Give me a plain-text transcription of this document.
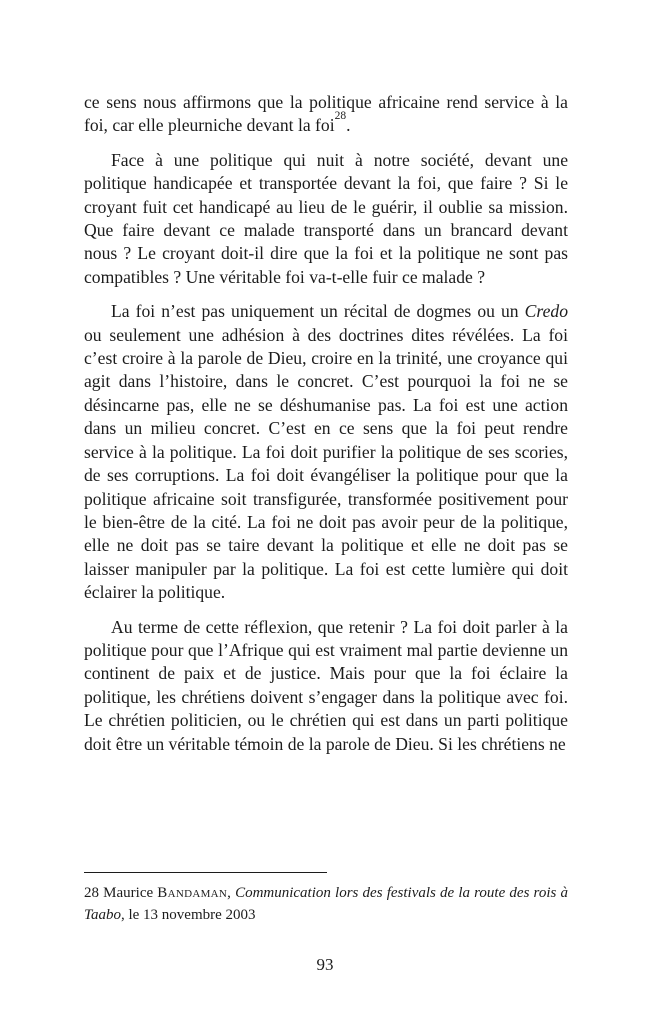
ce sens nous affirmons que la politique africaine rend service à la foi, car elle pleurniche devant la foi$^{28}$.

Face à une politique qui nuit à notre société, devant une politique handicapée et transportée devant la foi, que faire ? Si le croyant fuit cet handicapé au lieu de le guérir, il oublie sa mission. Que faire devant ce malade transporté dans un brancard devant nous ? Le croyant doit-il dire que la foi et la politique ne sont pas compatibles ? Une véritable foi va-t-elle fuir ce malade ?

La foi n’est pas uniquement un récital de dogmes ou un Credo ou seulement une adhésion à des doctrines dites révélées. La foi c’est croire à la parole de Dieu, croire en la trinité, une croyance qui agit dans l’histoire, dans le concret. C’est pourquoi la foi ne se désincarne pas, elle ne se déshumanise pas. La foi est une action dans un milieu concret. C’est en ce sens que la foi peut rendre service à la politique. La foi doit purifier la politique de ses scories, de ses corruptions. La foi doit évangéliser la politique pour que la politique africaine soit transfigurée, transformée positivement pour le bien-être de la cité. La foi ne doit pas avoir peur de la politique, elle ne doit pas se taire devant la politique et elle ne doit pas se laisser manipuler par la politique. La foi est cette lumière qui doit éclairer la politique.

Au terme de cette réflexion, que retenir ? La foi doit parler à la politique pour que l’Afrique qui est vraiment mal partie devienne un continent de paix et de justice. Mais pour que la foi éclaire la politique, les chrétiens doivent s’engager dans la politique avec foi. Le chrétien politicien, ou le chrétien qui est dans un parti politique doit être un véritable témoin de la parole de Dieu. Si les chrétiens ne

28 Maurice Bandaman, Communication lors des festivals de la route des rois à Taabo, le 13 novembre 2003

93
